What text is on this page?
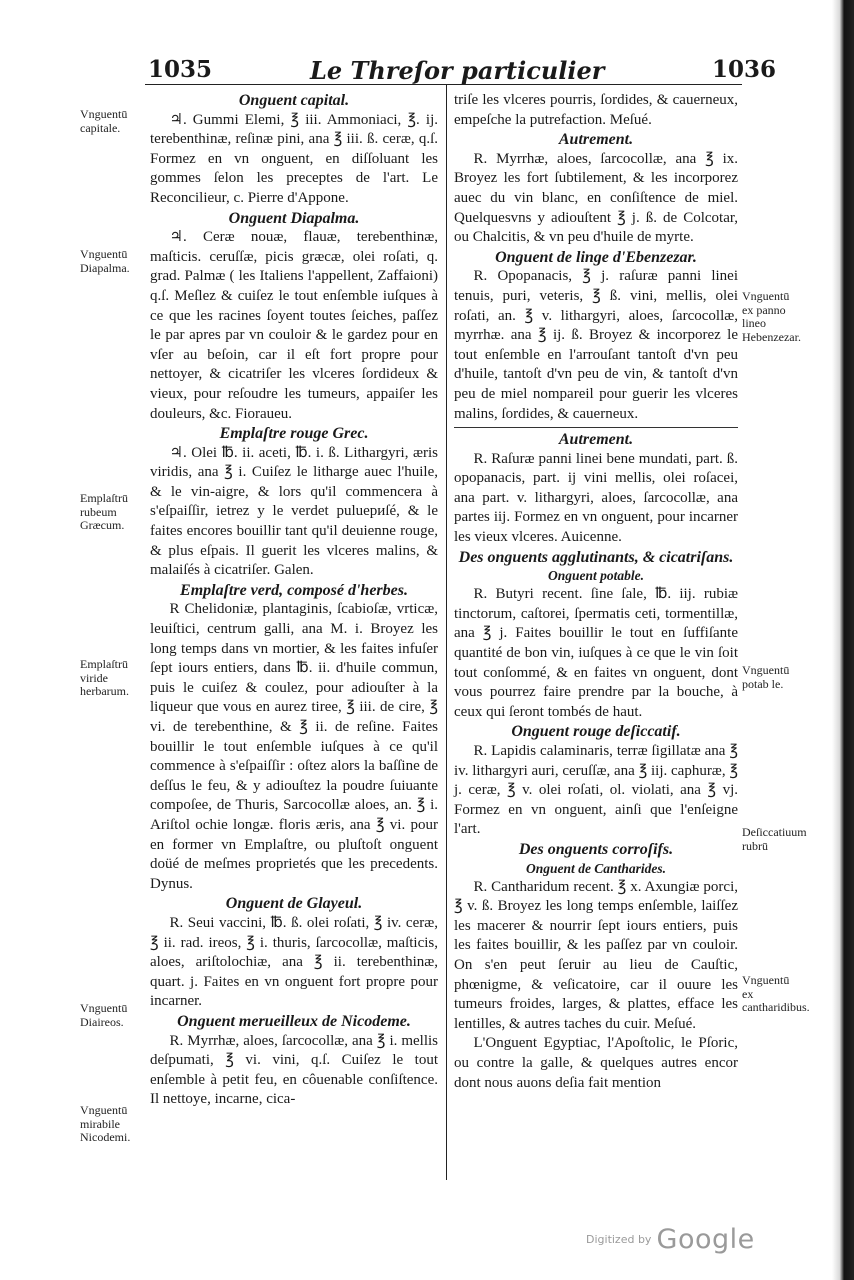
1035	Le Threſor particulier	1036
Onguent capital.

♃. Gummi Elemi, ℥ iii. Ammoniaci, ℥. ij. terebenthinæ, reſinæ pini, ana ℥ iii. ß. ceræ, q.ſ. Formez en vn onguent, en diſſoluant les gommes ſelon les preceptes de l'art. Le Reconcilieur, c. Pierre d'Appone.

Onguent Diapalma.

♃. Ceræ nouæ, flauæ, terebenthinæ, maſticis. ceruſſæ, picis græcæ, olei roſati, q. grad. Palmæ ( les Italiens l'appellent, Zaffaioni) q.ſ. Meſlez & cuiſez le tout enſemble iuſques à ce que les racines ſoyent toutes ſeiches, paſſez le par apres par vn couloir & le gardez pour en vſer au beſoin, car il eſt fort propre pour nettoyer, & cicatriſer les vlceres ſordideux & vieux, pour reſoudre les tumeurs, appaiſer les douleurs, &c. Fioraueu.

Emplaſtre rouge Grec.

♃. Olei ℔. ii. aceti, ℔. i. ß. Lithargyri, æris viridis, ana ℥ i. Cuiſez le litharge auec l'huile, & le vin-aigre, & lors qu'il commencera à s'eſpaiſſir, ietrez y le verdet puluериſé, & le faites encores bouillir tant qu'il deuienne rouge, & plus eſpais. Il guerit les vlceres malins, & malaiſés à cicatriſer. Galen.

Emplaſtre verd, composé d'herbes.

R Chelidoniæ, plantaginis, ſcabioſæ, vrticæ, leuiſtici, centrum galli, ana M. i. Broyez les long temps dans vn mortier, & les faites infuſer ſept iours entiers, dans ℔. ii. d'huile commun, puis le cuiſez & coulez, pour adiouſter à la liqueur que vous en aurez tiree, ℥ iii. de cire, ℥ vi. de terebenthine, & ℥ ii. de reſine. Faites bouillir le tout enſemble iuſques à ce qu'il commence à s'eſpaiſſir : oſtez alors la baſſine de deſſus le feu, & y adiouſtez la poudre ſuiuante compoſee, de Thuris, Sarcocollæ aloes, an. ℥ i. Ariſtol ochie longæ. floris æris, ana ℥ vi. pour en former vn Emplaſtre, ou pluſtoſt onguent doüé de meſmes proprietés que les precedents. Dynus.

Onguent de Glayeul.

R. Seui vaccini, ℔. ß. olei roſati, ℥ iv. ceræ, ℥ ii. rad. ireos, ℥ i. thuris, ſarcocollæ, maſticis, aloes, ariſtolochiæ, ana ℥ ii. terebenthinæ, quart. j. Faites en vn onguent fort propre pour incarner.

Onguent merueilleux de Nicodeme.

R. Myrrhæ, aloes, ſarcocollæ, ana ℥ i. mellis deſpumati, ℥ vi. vini, q.ſ. Cuiſez le tout enſemble à petit feu, en côuenable conſiſtence. Il nettoye, incarne, cica-

triſe les vlceres pourris, ſordides, & cauerneux, empeſche la putrefaction. Meſué.

Autrement.

R. Myrrhæ, aloes, ſarcocollæ, ana ℥ ix. Broyez les fort ſubtilement, & les incorporez auec du vin blanc, en conſiſtence de miel. Quelquesvns y adiouſtent ℥ j. ß. de Colcotar, ou Chalcitis, & vn peu d'huile de myrte.

Onguent de linge d'Ebenzezar.

R. Opopanacis, ℥ j. raſuræ panni linei tenuis, puri, veteris, ℥ ß. vini, mellis, olei roſati, an. ℥ v. lithargyri, aloes, ſarcocollæ, myrrhæ. ana ℥ ij. ß. Broyez & incorporez le tout enſemble en l'arrouſant tantoſt d'vn peu d'huile, tantoſt d'vn peu de vin, & tantoſt d'vn peu de miel nompareil pour guerir les vlceres malins, ſordides, & cauerneux.

Autrement.

R. Raſuræ panni linei bene mundati, part. ß. opopanacis, part. ij vini mellis, olei roſacei, ana part. v. lithargyri, aloes, ſarcocollæ, ana partes iij. Formez en vn onguent, pour incarner les vieux vlceres. Auicenne.

Des onguents agglutinants, & cicatriſans.
Onguent potable.

R. Butyri recent. ſine ſale, ℔. iij. rubiæ tinctorum, caſtorei, ſpermatis ceti, tormentillæ, ana ℥ j. Faites bouillir le tout en ſuffiſante quantité de bon vin, iuſques à ce que le vin ſoit tout conſommé, & en faites vn onguent, dont vous pourrez faire prendre par la bouche, à ceux qui ſeront tombés de haut.

Onguent rouge deſiccatif.

R. Lapidis calaminaris, terræ ſigillatæ ana ℥ iv. lithargyri auri, ceruſſæ, ana ℥ iij. caphuræ, ℥ j. ceræ, ℥ v. olei roſati, ol. violati, ana ℥ vj. Formez en vn onguent, ainſi que l'enſeigne l'art.

Des onguents corroſifs.
Onguent de Cantharides.

R. Cantharidum recent. ℥ x. Axungiæ porci, ℥ v. ß. Broyez les long temps enſemble, laiſſez les macerer & nourrir ſept iours entiers, puis les faites bouillir, & les paſſez par vn couloir. On s'en peut ſeruir au lieu de Cauſtic, phœnigme, & veſicatoire, car il ouure les tumeurs froides, larges, & plattes, efface les lentilles, & autres taches du cuir. Meſué.

L'Onguent Egyptiac, l'Apoſtolic, le Pſoric, ou contre la galle, & quelques autres encor dont nous auons deſia fait mention

Vnguentū capitale.
Vnguentū Diapalma.
Emplaſtrū rubeum Græcum.
Emplaſtrū viride herbarum.
Vnguentū Diaireos.
Vnguentū mirabile Nicodemi.
Vnguentū ex panno lineo Hebenzezar.
Vnguentū potab le.
Deſiccatiuum rubrū
Vnguentū ex cantharidibus.
Digitized by Google
